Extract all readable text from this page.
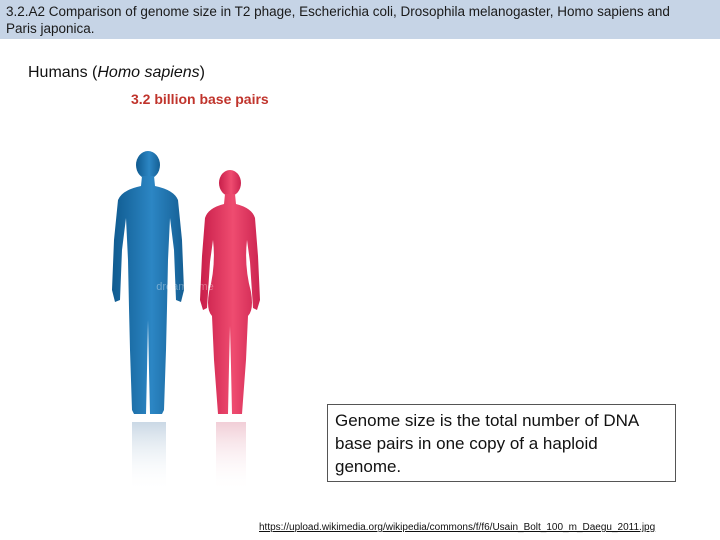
3.2.A2 Comparison of genome size in T2 phage, Escherichia coli, Drosophila melanogaster, Homo sapiens and Paris japonica.
Humans (Homo sapiens)
3.2 billion base pairs
dreamstime
Genome size is the total number of DNA base pairs in one copy of a haploid genome.
https://upload.wikimedia.org/wikipedia/commons/f/f6/Usain_Bolt_100_m_Daegu_2011.jpg
